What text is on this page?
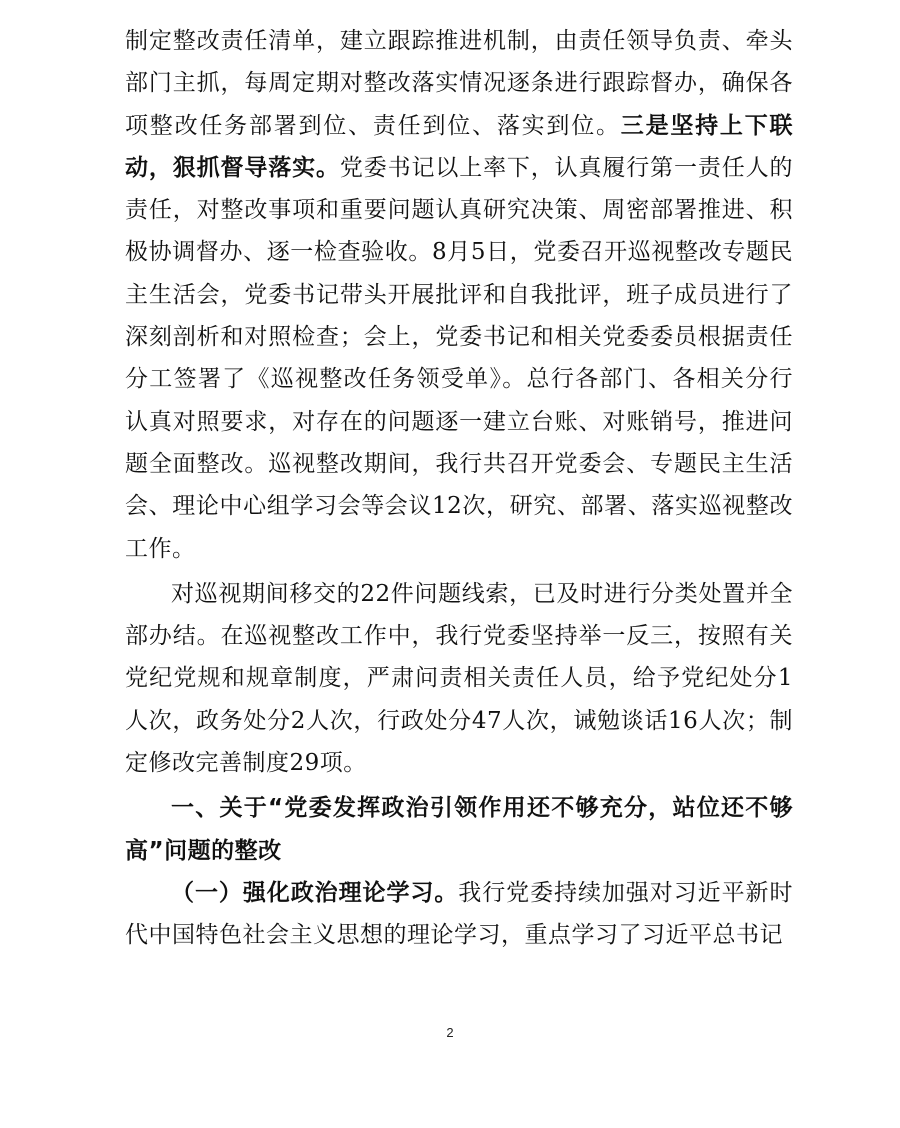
制定整改责任清单，建立跟踪推进机制，由责任领导负责、牵头部门主抓，每周定期对整改落实情况逐条进行跟踪督办，确保各项整改任务部署到位、责任到位、落实到位。三是坚持上下联动，狠抓督导落实。党委书记以上率下，认真履行第一责任人的责任，对整改事项和重要问题认真研究决策、周密部署推进、积极协调督办、逐一检查验收。8月5日，党委召开巡视整改专题民主生活会，党委书记带头开展批评和自我批评，班子成员进行了深刻剖析和对照检查；会上，党委书记和相关党委委员根据责任分工签署了《巡视整改任务领受单》。总行各部门、各相关分行认真对照要求，对存在的问题逐一建立台账、对账销号，推进问题全面整改。巡视整改期间，我行共召开党委会、专题民主生活会、理论中心组学习会等会议12次，研究、部署、落实巡视整改工作。

对巡视期间移交的22件问题线索，已及时进行分类处置并全部办结。在巡视整改工作中，我行党委坚持举一反三，按照有关党纪党规和规章制度，严肃问责相关责任人员，给予党纪处分1人次，政务处分2人次，行政处分47人次，诫勉谈话16人次；制定修改完善制度29项。

一、关于“党委发挥政治引领作用还不够充分，站位还不够高”问题的整改

（一）强化政治理论学习。我行党委持续加强对习近平新时代中国特色社会主义思想的理论学习，重点学习了习近平总书记

2
